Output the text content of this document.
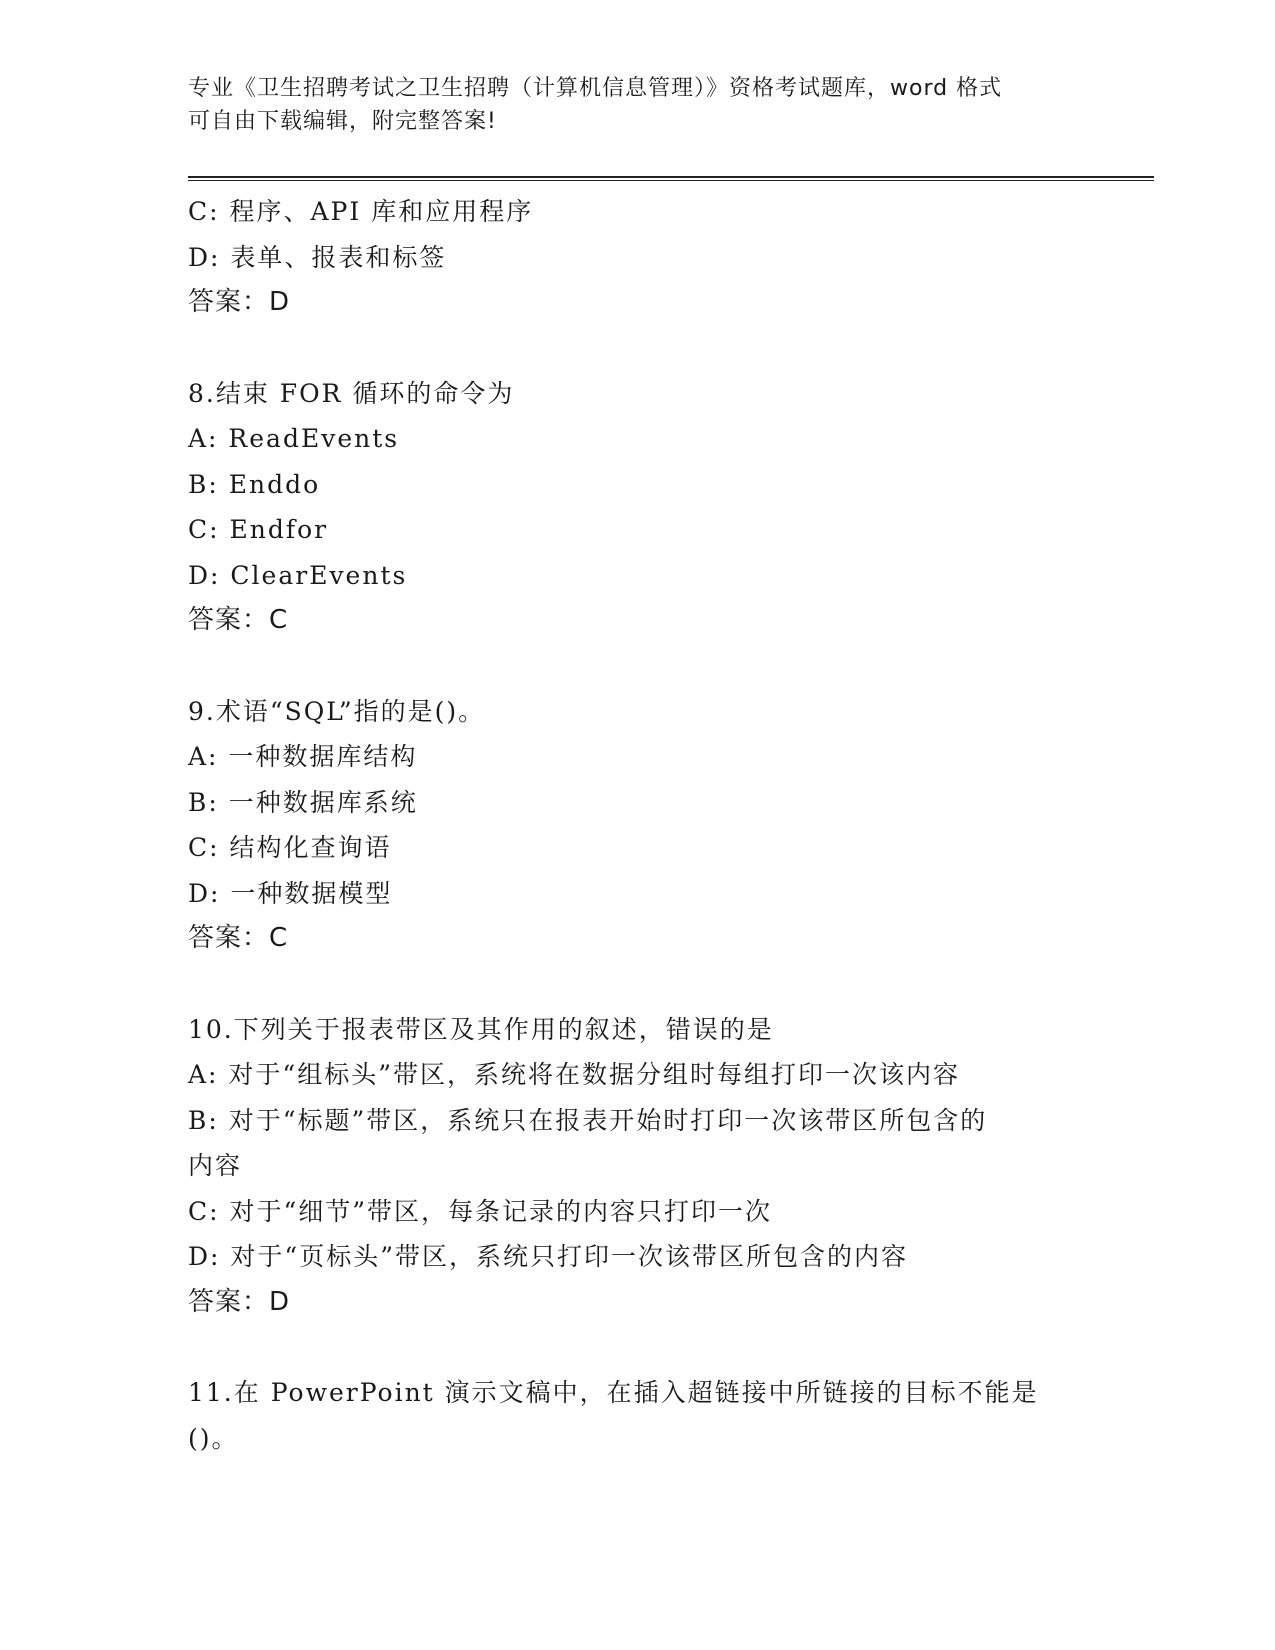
专业《卫生招聘考试之卫生招聘（计算机信息管理）》资格考试题库，word 格式

可自由下载编辑，附完整答案!

C: 程序、API 库和应用程序

D: 表单、报表和标签

答案：D

8.结束 FOR 循环的命令为

A: ReadEvents

B: Enddo

C: Endfor

D: ClearEvents

答案：C

9.术语“SQL”指的是()。

A: 一种数据库结构

B: 一种数据库系统

C: 结构化查询语

D: 一种数据模型

答案：C

10.下列关于报表带区及其作用的叙述，错误的是

A: 对于“组标头”带区，系统将在数据分组时每组打印一次该内容

B: 对于“标题”带区，系统只在报表开始时打印一次该带区所包含的

内容

C: 对于“细节”带区，每条记录的内容只打印一次

D: 对于“页标头”带区，系统只打印一次该带区所包含的内容

答案：D

11.在 PowerPoint 演示文稿中，在插入超链接中所链接的目标不能是

()。
